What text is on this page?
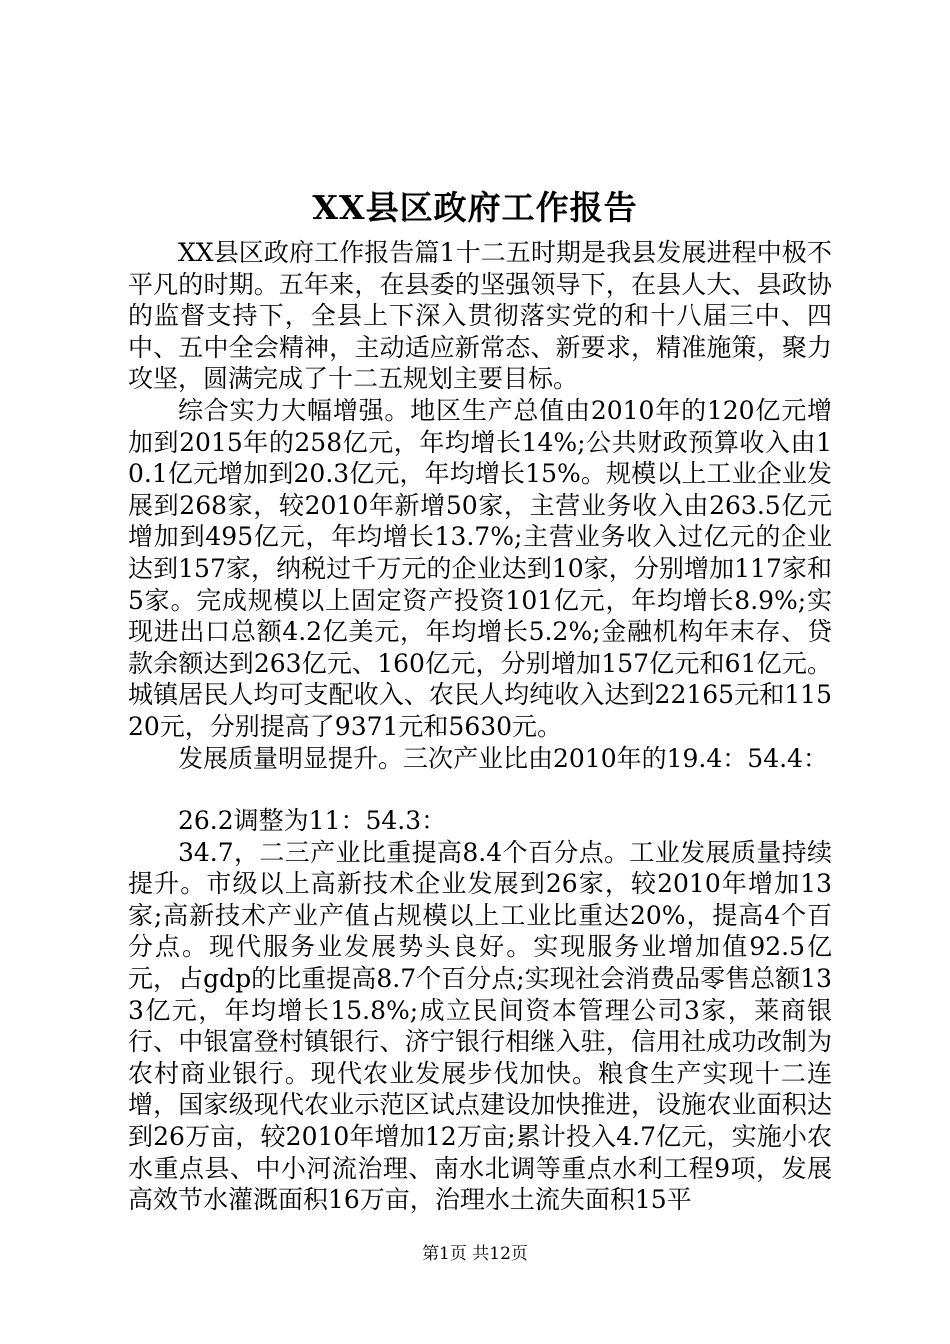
XX县区政府工作报告

XX县区政府工作报告篇1十二五时期是我县发展进程中极不平凡的时期。五年来，在县委的坚强领导下，在县人大、县政协的监督支持下，全县上下深入贯彻落实党的和十八届三中、四中、五中全会精神，主动适应新常态、新要求，精准施策，聚力攻坚，圆满完成了十二五规划主要目标。

综合实力大幅增强。地区生产总值由2010年的120亿元增加到2015年的258亿元，年均增长14%;公共财政预算收入由10.1亿元增加到20.3亿元，年均增长15%。规模以上工业企业发展到268家，较2010年新增50家，主营业务收入由263.5亿元增加到495亿元，年均增长13.7%;主营业务收入过亿元的企业达到157家，纳税过千万元的企业达到10家，分别增加117家和5家。完成规模以上固定资产投资101亿元，年均增长8.9%;实现进出口总额4.2亿美元，年均增长5.2%;金融机构年末存、贷款余额达到263亿元、160亿元，分别增加157亿元和61亿元。城镇居民人均可支配收入、农民人均纯收入达到22165元和11520元，分别提高了9371元和5630元。

发展质量明显提升。三次产业比由2010年的19.4：54.4：

26.2调整为11：54.3：

34.7，二三产业比重提高8.4个百分点。工业发展质量持续提升。市级以上高新技术企业发展到26家，较2010年增加13家;高新技术产业产值占规模以上工业比重达20%，提高4个百分点。现代服务业发展势头良好。实现服务业增加值92.5亿元，占gdp的比重提高8.7个百分点;实现社会消费品零售总额133亿元，年均增长15.8%;成立民间资本管理公司3家，莱商银行、中银富登村镇银行、济宁银行相继入驻，信用社成功改制为农村商业银行。现代农业发展步伐加快。粮食生产实现十二连增，国家级现代农业示范区试点建设加快推进，设施农业面积达到26万亩，较2010年增加12万亩;累计投入4.7亿元，实施小农水重点县、中小河流治理、南水北调等重点水利工程9项，发展高效节水灌溉面积16万亩，治理水土流失面积15平

第1页 共12页
